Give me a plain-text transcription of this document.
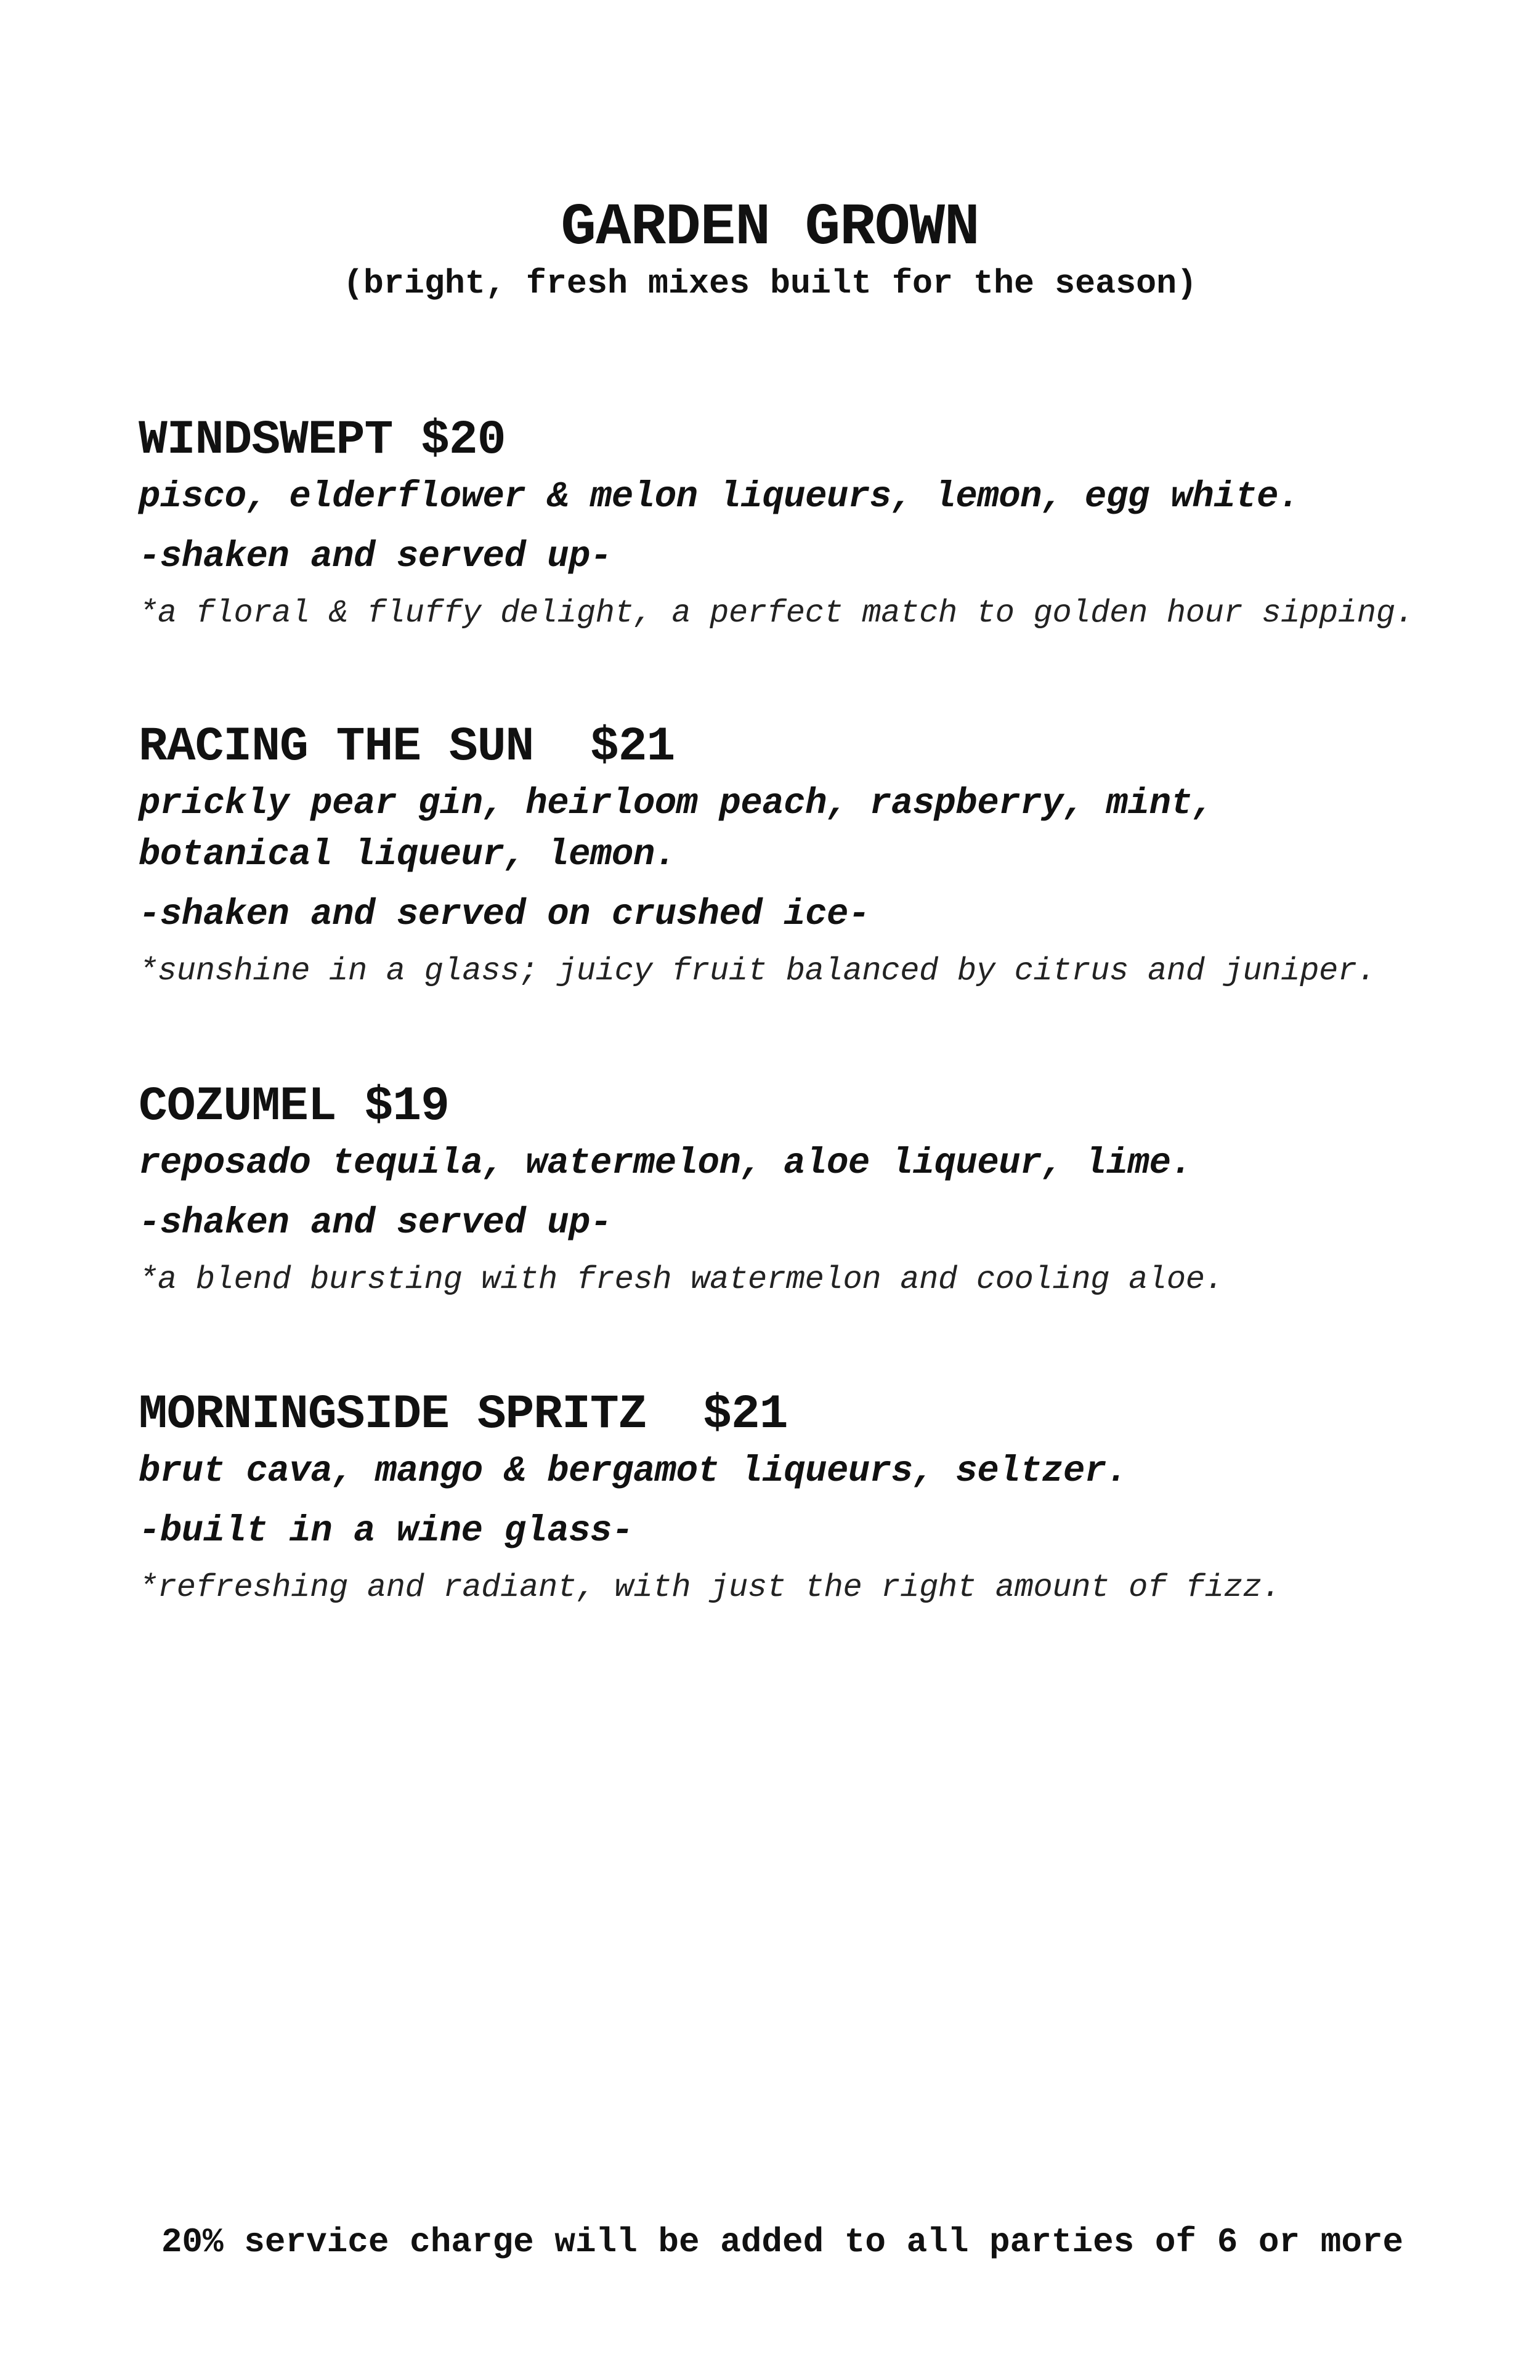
GARDEN GROWN
(bright, fresh mixes built for the season)
WINDSWEPT $20
pisco, elderflower & melon liqueurs, lemon, egg white.
-shaken and served up-
*a floral & fluffy delight, a perfect match to golden hour sipping.
RACING THE SUN $21
prickly pear gin, heirloom peach, raspberry, mint, botanical liqueur, lemon.
-shaken and served on crushed ice-
*sunshine in a glass; juicy fruit balanced by citrus and juniper.
COZUMEL $19
reposado tequila, watermelon, aloe liqueur, lime.
-shaken and served up-
*a blend bursting with fresh watermelon and cooling aloe.
MORNINGSIDE SPRITZ $21
brut cava, mango & bergamot liqueurs, seltzer.
-built in a wine glass-
*refreshing and radiant, with just the right amount of fizz.
20% service charge will be added to all parties of 6 or more
